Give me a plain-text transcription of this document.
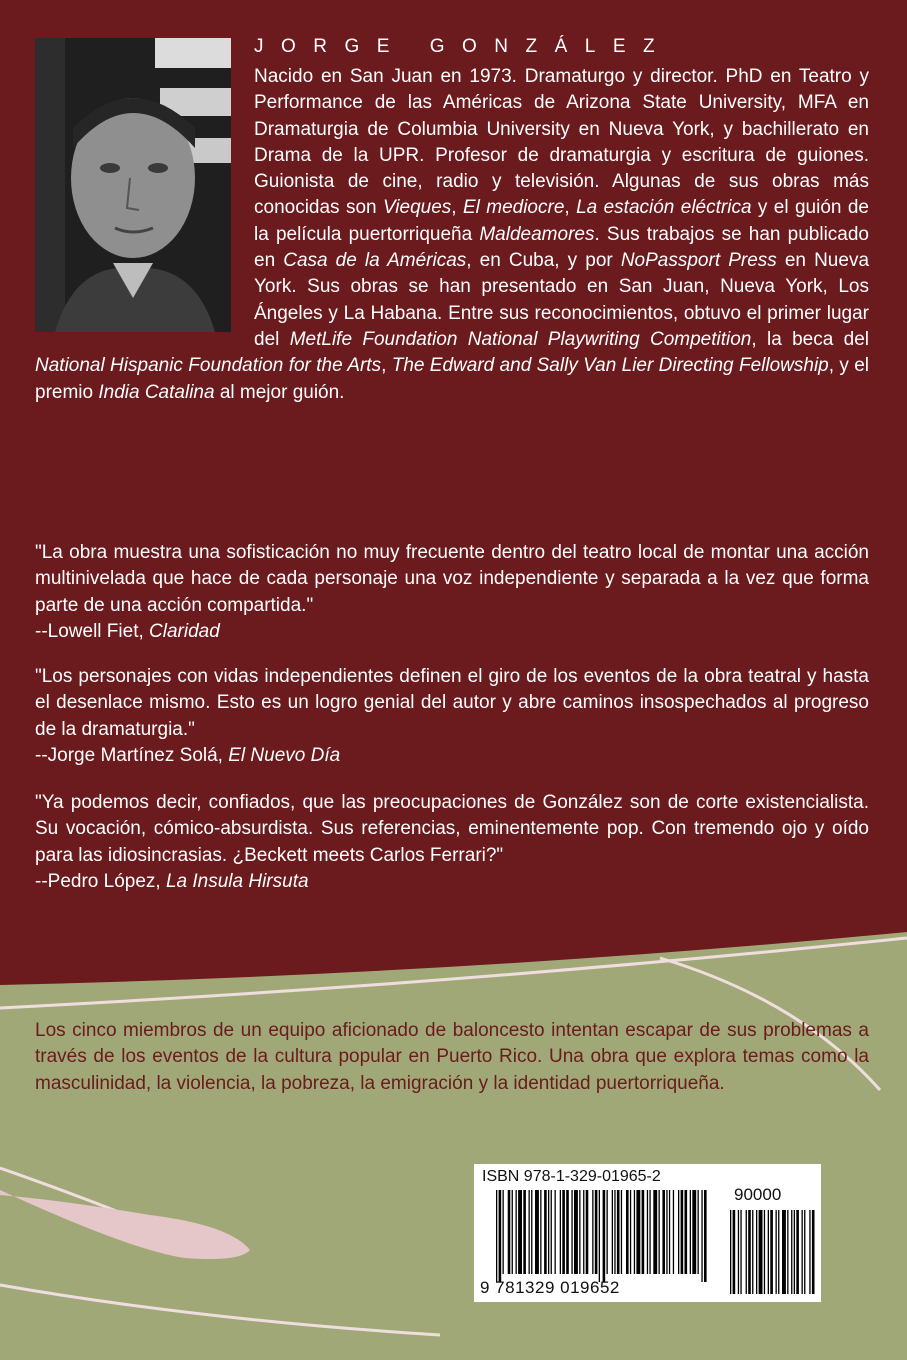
JORGE GONZÁLEZ

Nacido en San Juan en 1973. Dramaturgo y director. PhD en Teatro y Performance de las Américas de Arizona State University, MFA en Dramaturgia de Columbia University en Nueva York, y bachillerato en Drama de la UPR. Profesor de dramaturgia y escritura de guiones. Guionista de cine, radio y televisión. Algunas de sus obras más conocidas son Vieques, El mediocre, La estación eléctrica y el guión de la película puertorriqueña Maldeamores. Sus trabajos se han publicado en Casa de la Américas, en Cuba, y por NoPassport Press en Nueva York. Sus obras se han presentado en San Juan, Nueva York, Los Ángeles y La Habana. Entre sus reconocimientos, obtuvo el primer lugar del MetLife Foundation National Playwriting Competition, la beca del National Hispanic Foundation for the Arts, The Edward and Sally Van Lier Directing Fellowship, y el premio India Catalina al mejor guión.

"La obra muestra una sofisticación no muy frecuente dentro del teatro local de montar una acción multinivelada que hace de cada personaje una voz independiente y separada a la vez que forma parte de una acción compartida."
--Lowell Fiet, Claridad

"Los personajes con vidas independientes definen el giro de los eventos de la obra teatral y hasta el desenlace mismo. Esto es un logro genial del autor y abre caminos insospechados al progreso de la dramaturgia."
--Jorge Martínez Solá, El Nuevo Día

"Ya podemos decir, confiados, que las preocupaciones de González son de corte existencialista. Su vocación, cómico-absurdista. Sus referencias, eminentemente pop. Con tremendo ojo y oído para las idiosincrasias. ¿Beckett meets Carlos Ferrari?"
--Pedro López, La Insula Hirsuta

Los cinco miembros de un equipo aficionado de baloncesto intentan escapar de sus problemas a través de los eventos de la cultura popular en Puerto Rico. Una obra que explora temas como la masculinidad, la violencia, la pobreza, la emigración y la identidad puertorriqueña.

ISBN 978-1-329-01965-2

90000

9 781329 019652
